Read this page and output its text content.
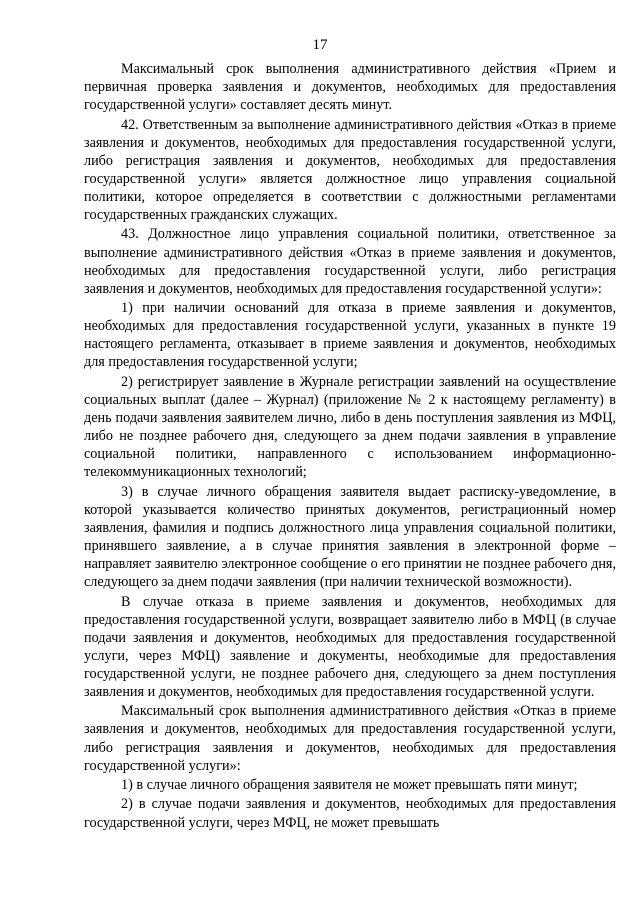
17

Максимальный срок выполнения административного действия «Прием и первичная проверка заявления и документов, необходимых для предоставления государственной услуги» составляет десять минут.

42. Ответственным за выполнение административного действия «Отказ в приеме заявления и документов, необходимых для предоставления государственной услуги, либо регистрация заявления и документов, необходимых для предоставления государственной услуги» является должностное лицо управления социальной политики, которое определяется в соответствии с должностными регламентами государственных гражданских служащих.

43. Должностное лицо управления социальной политики, ответственное за выполнение административного действия «Отказ в приеме заявления и документов, необходимых для предоставления государственной услуги, либо регистрация заявления и документов, необходимых для предоставления государственной услуги»:

1) при наличии оснований для отказа в приеме заявления и документов, необходимых для предоставления государственной услуги, указанных в пункте 19 настоящего регламента, отказывает в приеме заявления и документов, необходимых для предоставления государственной услуги;

2) регистрирует заявление в Журнале регистрации заявлений на осуществление социальных выплат (далее – Журнал) (приложение № 2 к настоящему регламенту) в день подачи заявления заявителем лично, либо в день поступления заявления из МФЦ, либо не позднее рабочего дня, следующего за днем подачи заявления в управление социальной политики, направленного с использованием информационно-телекоммуникационных технологий;

3) в случае личного обращения заявителя выдает расписку-уведомление, в которой указывается количество принятых документов, регистрационный номер заявления, фамилия и подпись должностного лица управления социальной политики, принявшего заявление, а в случае принятия заявления в электронной форме – направляет заявителю электронное сообщение о его принятии не позднее рабочего дня, следующего за днем подачи заявления (при наличии технической возможности).

В случае отказа в приеме заявления и документов, необходимых для предоставления государственной услуги, возвращает заявителю либо в МФЦ (в случае подачи заявления и документов, необходимых для предоставления государственной услуги, через МФЦ) заявление и документы, необходимые для предоставления государственной услуги, не позднее рабочего дня, следующего за днем поступления заявления и документов, необходимых для предоставления государственной услуги.

Максимальный срок выполнения административного действия «Отказ в приеме заявления и документов, необходимых для предоставления государственной услуги, либо регистрация заявления и документов, необходимых для предоставления государственной услуги»:

1) в случае личного обращения заявителя не может превышать пяти минут;

2) в случае подачи заявления и документов, необходимых для предоставления государственной услуги, через МФЦ, не может превышать
